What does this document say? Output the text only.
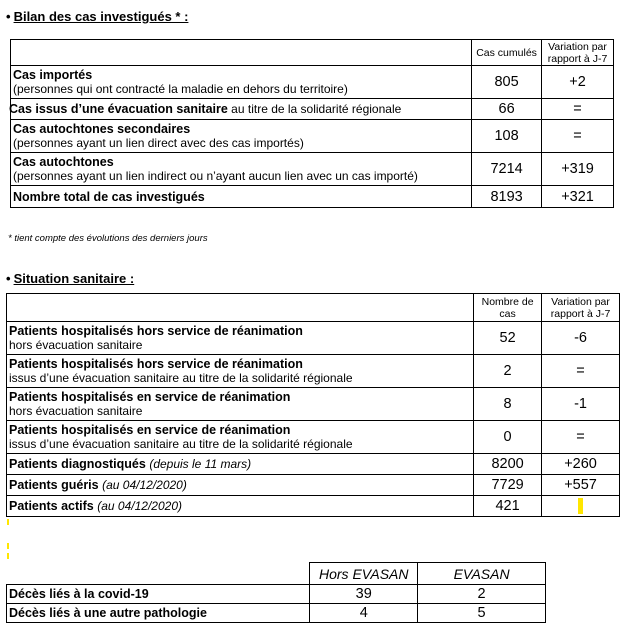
• Bilan des cas investigués * :
	Cas cumulés	Variation par rapport à J-7
Cas importés
(personnes qui ont contracté la maladie en dehors du territoire)	805	+2
Cas issus d’une évacuation sanitaire au titre de la solidarité régionale	66	=
Cas autochtones secondaires
(personnes ayant un lien direct avec des cas importés)	108	=
Cas autochtones
(personnes ayant un lien indirect ou n’ayant aucun lien avec un cas importé)	7214	+319
Nombre total de cas investigués	8193	+321
* tient compte des évolutions des derniers jours
• Situation sanitaire :
	Nombre de cas	Variation par rapport à J-7
Patients hospitalisés hors service de réanimation
hors évacuation sanitaire	52	-6
Patients hospitalisés hors service de réanimation
issus d’une évacuation sanitaire au titre de la solidarité régionale	2	=
Patients hospitalisés en service de réanimation
hors évacuation sanitaire	8	-1
Patients hospitalisés en service de réanimation
issus d’une évacuation sanitaire au titre de la solidarité régionale	0	=
Patients diagnostiqués (depuis le 11 mars)	8200	+260
Patients guéris (au 04/12/2020)	7729	+557
Patients actifs (au 04/12/2020)	421	
	Hors EVASAN	EVASAN
Décès liés à la covid-19	39	2
Décès liés à une autre pathologie	4	5
